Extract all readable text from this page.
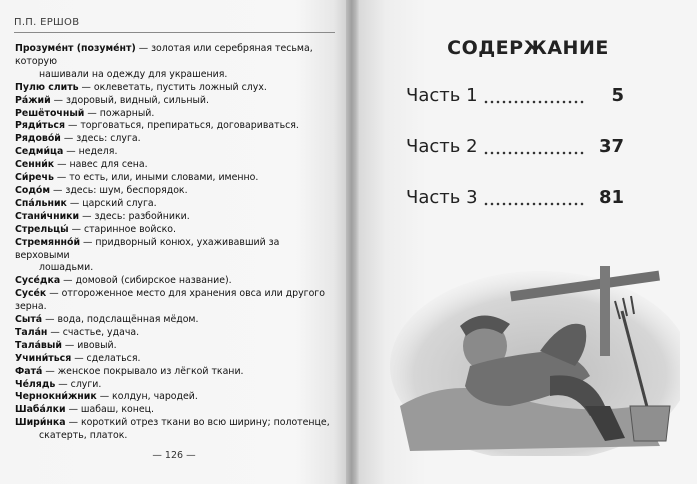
П.П. ЕРШОВ
Прозуме́нт (позуме́нт) — золотая или серебряная тесьма, которую
нашивали на одежду для украшения.
Пулю слить — оклеветать, пустить ложный слух.
Ра́жий — здоровый, видный, сильный.
Решёточный — пожарный.
Ряди́ться — торговаться, препираться, договариваться.
Рядово́й — здесь: слуга.
Седми́ца — неделя.
Сенни́к — навес для сена.
Си́речь — то есть, или, иными словами, именно.
Содо́м — здесь: шум, беспорядок.
Спа́льник — царский слуга.
Стани́чники — здесь: разбойники.
Стрельцы́ — старинное войско.
Стремянно́й — придворный конюх, ухаживавший за верховыми
лошадьми.
Сусе́дка — домовой (сибирское название).
Сусе́к — отгороженное место для хранения овса или другого зерна.
Сыта́ — вода, подслащённая мёдом.
Тала́н — счастье, удача.
Тала́вый — ивовый.
Учини́ться — сделаться.
Фата́ — женское покрывало из лёгкой ткани.
Че́лядь — слуги.
Чернокни́жник — колдун, чародей.
Шаба́лки — шабаш, конец.
Шири́нка — короткий отрез ткани во всю ширину; полотенце,
скатерть, платок.
— 126 —
СОДЕРЖАНИЕ
Часть 1	5
Часть 2	37
Часть 3	81
